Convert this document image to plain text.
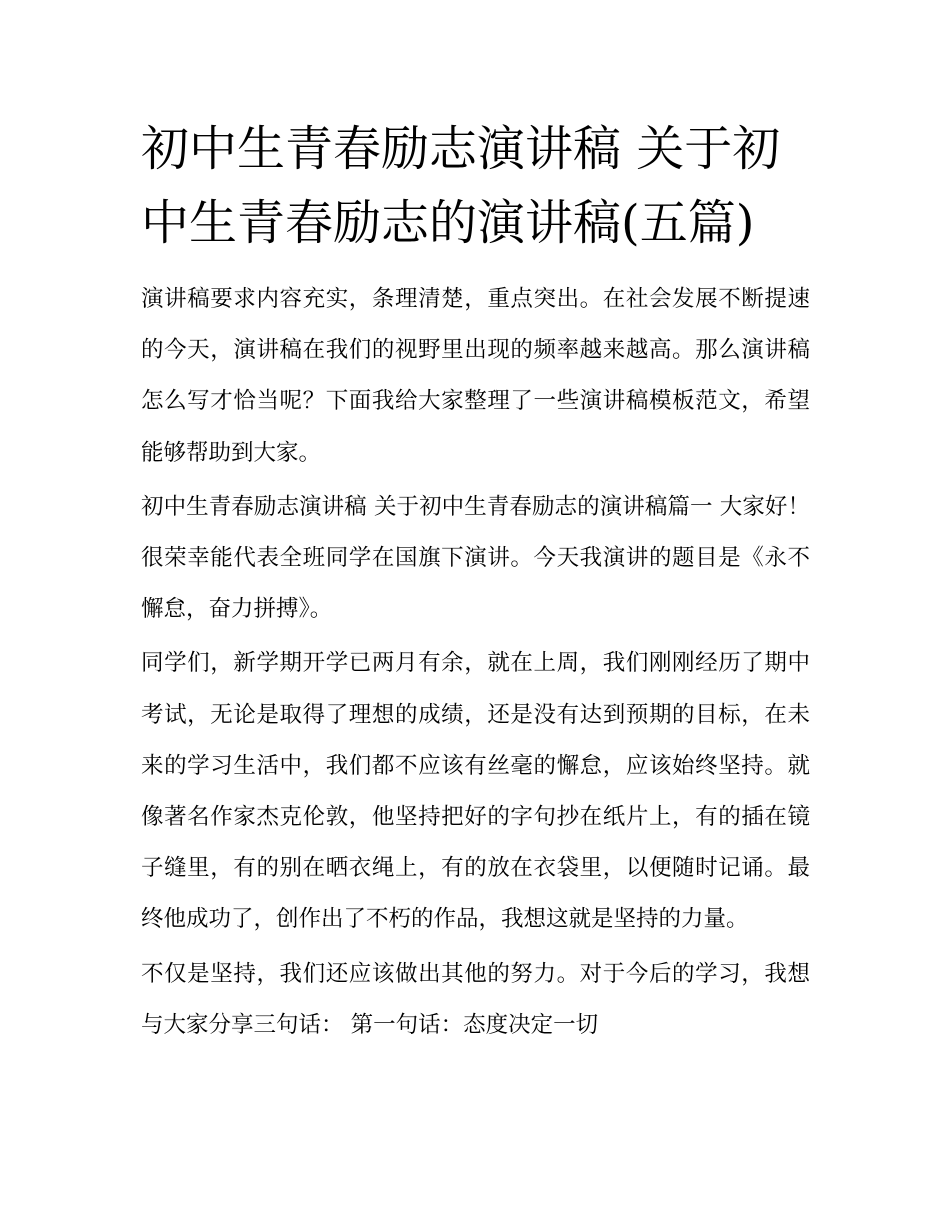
初中生青春励志演讲稿 关于初中生青春励志的演讲稿(五篇)

演讲稿要求内容充实，条理清楚，重点突出。在社会发展不断提速的今天，演讲稿在我们的视野里出现的频率越来越高。那么演讲稿怎么写才恰当呢？下面我给大家整理了一些演讲稿模板范文，希望能够帮助到大家。

初中生青春励志演讲稿 关于初中生青春励志的演讲稿篇一 大家好！ 很荣幸能代表全班同学在国旗下演讲。今天我演讲的题目是《永不懈怠，奋力拼搏》。

同学们，新学期开学已两月有余，就在上周，我们刚刚经历了期中考试，无论是取得了理想的成绩，还是没有达到预期的目标，在未来的学习生活中，我们都不应该有丝毫的懈怠，应该始终坚持。就像著名作家杰克伦敦，他坚持把好的字句抄在纸片上，有的插在镜子缝里，有的别在晒衣绳上，有的放在衣袋里，以便随时记诵。最终他成功了，创作出了不朽的作品，我想这就是坚持的力量。

不仅是坚持，我们还应该做出其他的努力。对于今后的学习，我想与大家分享三句话： 第一句话：态度决定一切
